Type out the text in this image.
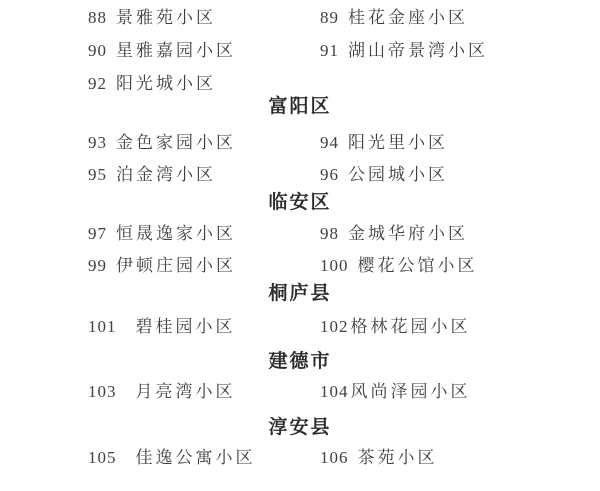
88 景雅苑小区	89 桂花金座小区
90 星雅嘉园小区	91 湖山帝景湾小区
92 阳光城小区
富阳区
93 金色家园小区	94 阳光里小区
95 泊金湾小区	96 公园城小区
临安区
97 恒晟逸家小区	98 金城华府小区
99 伊顿庄园小区	100 樱花公馆小区
桐庐县
101 碧桂园小区	102 格林花园小区
建德市
103 月亮湾小区	104 风尚泽园小区
淳安县
105 佳逸公寓小区	106 茶苑小区
